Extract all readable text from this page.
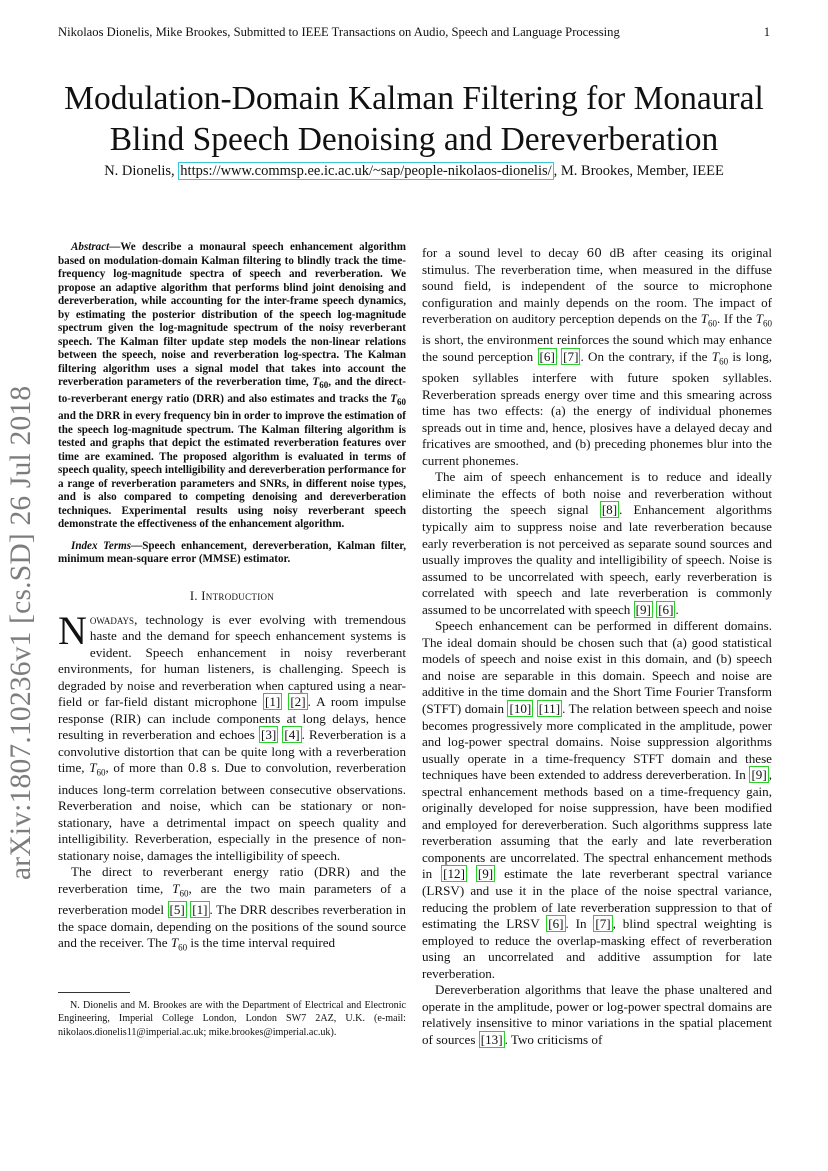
Nikolaos Dionelis, Mike Brookes, Submitted to IEEE Transactions on Audio, Speech and Language Processing	1
Modulation-Domain Kalman Filtering for Monaural
Blind Speech Denoising and Dereverberation
N. Dionelis, https://www.commsp.ee.ic.ac.uk/~sap/people-nikolaos-dionelis/ , M. Brookes, Member, IEEE
arXiv:1807.10236v1 [cs.SD] 26 Jul 2018

Abstract—We describe a monaural speech enhancement algorithm based on modulation-domain Kalman filtering to blindly track the time-frequency log-magnitude spectra of speech and reverberation. We propose an adaptive algorithm that performs blind joint denoising and dereverberation, while accounting for the inter-frame speech dynamics, by estimating the posterior distribution of the speech log-magnitude spectrum given the log-magnitude spectrum of the noisy reverberant speech. The Kalman filter update step models the non-linear relations between the speech, noise and reverberation log-spectra. The Kalman filtering algorithm uses a signal model that takes into account the reverberation parameters of the reverberation time, $T_{60}$, and the direct-to-reverberant energy ratio (DRR) and also estimates and tracks the $T_{60}$ and the DRR in every frequency bin in order to improve the estimation of the speech log-magnitude spectrum. The Kalman filtering algorithm is tested and graphs that depict the estimated reverberation features over time are examined. The proposed algorithm is evaluated in terms of speech quality, speech intelligibility and dereverberation performance for a range of reverberation parameters and SNRs, in different noise types, and is also compared to competing denoising and dereverberation techniques. Experimental results using noisy reverberant speech demonstrate the effectiveness of the enhancement algorithm.

Index Terms—Speech enhancement, dereverberation, Kalman filter, minimum mean-square error (MMSE) estimator.

I. Introduction

Nowadays, technology is ever evolving with tremendous haste and the demand for speech enhancement systems is evident. Speech enhancement in noisy reverberant environments, for human listeners, is challenging. Speech is degraded by noise and reverberation when captured using a near-field or far-field distant microphone [1] [2] . A room impulse response (RIR) can include components at long delays, hence resulting in reverberation and echoes [3] [4] . Reverberation is a convolutive distortion that can be quite long with a reverberation time, $T_{60}$, of more than 0.8 s. Due to convolution, reverberation induces long-term correlation between consecutive observations. Reverberation and noise, which can be stationary or non-stationary, have a detrimental impact on speech quality and intelligibility. Reverberation, especially in the presence of non-stationary noise, damages the intelligibility of speech.

The direct to reverberant energy ratio (DRR) and the reverberation time, $T_{60}$, are the two main parameters of a reverberation model [5] [1] . The DRR describes reverberation in the space domain, depending on the positions of the sound source and the receiver. The $T_{60}$ is the time interval required

N. Dionelis and M. Brookes are with the Department of Electrical and Electronic Engineering, Imperial College London, London SW7 2AZ, U.K. (e-mail: nikolaos.dionelis11@imperial.ac.uk; mike.brookes@imperial.ac.uk).

for a sound level to decay 60 dB after ceasing its original stimulus. The reverberation time, when measured in the diffuse sound field, is independent of the source to microphone configuration and mainly depends on the room. The impact of reverberation on auditory perception depends on the $T_{60}$. If the $T_{60}$ is short, the environment reinforces the sound which may enhance the sound perception [6] [7] . On the contrary, if the $T_{60}$ is long, spoken syllables interfere with future spoken syllables. Reverberation spreads energy over time and this smearing across time has two effects: (a) the energy of individual phonemes spreads out in time and, hence, plosives have a delayed decay and fricatives are smoothed, and (b) preceding phonemes blur into the current phonemes.

The aim of speech enhancement is to reduce and ideally eliminate the effects of both noise and reverberation without distorting the speech signal [8] . Enhancement algorithms typically aim to suppress noise and late reverberation because early reverberation is not perceived as separate sound sources and usually improves the quality and intelligibility of speech. Noise is assumed to be uncorrelated with speech, early reverberation is correlated with speech and late reverberation is commonly assumed to be uncorrelated with speech [9] [6] .

Speech enhancement can be performed in different domains. The ideal domain should be chosen such that (a) good statistical models of speech and noise exist in this domain, and (b) speech and noise are separable in this domain. Speech and noise are additive in the time domain and the Short Time Fourier Transform (STFT) domain [10] [11] . The relation between speech and noise becomes progressively more complicated in the amplitude, power and log-power spectral domains. Noise suppression algorithms usually operate in a time-frequency STFT domain and these techniques have been extended to address dereverberation. In [9] , spectral enhancement methods based on a time-frequency gain, originally developed for noise suppression, have been modified and employed for dereverberation. Such algorithms suppress late reverberation assuming that the early and late reverberation components are uncorrelated. The spectral enhancement methods in [12] [9] estimate the late reverberant spectral variance (LRSV) and use it in the place of the noise spectral variance, reducing the problem of late reverberation suppression to that of estimating the LRSV [6] . In [7] , blind spectral weighting is employed to reduce the overlap-masking effect of reverberation using an uncorrelated and additive assumption for late reverberation.

Dereverberation algorithms that leave the phase unaltered and operate in the amplitude, power or log-power spectral domains are relatively insensitive to minor variations in the spatial placement of sources [13] . Two criticisms of
